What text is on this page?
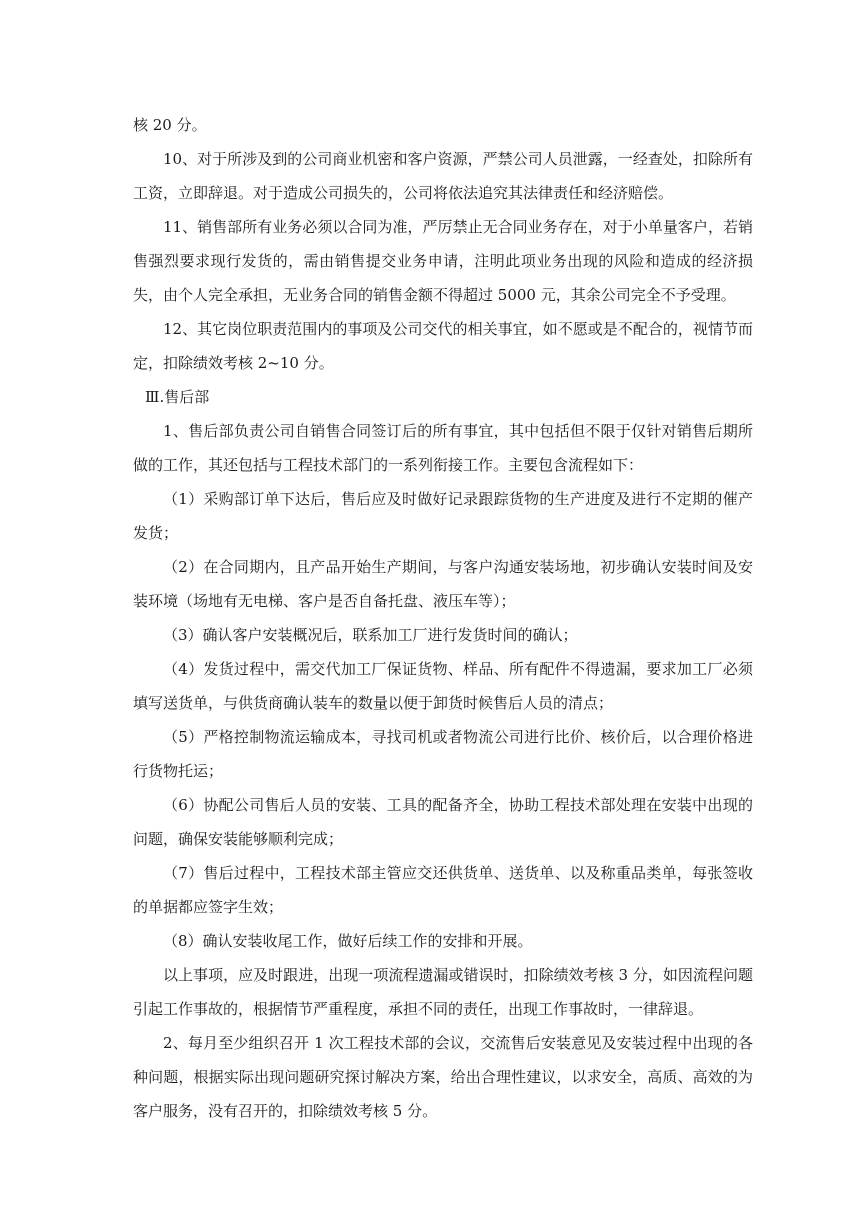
核 20 分。

10、对于所涉及到的公司商业机密和客户资源，严禁公司人员泄露，一经查处，扣除所有工资，立即辞退。对于造成公司损失的，公司将依法追究其法律责任和经济赔偿。

11、销售部所有业务必须以合同为准，严厉禁止无合同业务存在，对于小单量客户，若销售强烈要求现行发货的，需由销售提交业务申请，注明此项业务出现的风险和造成的经济损失，由个人完全承担，无业务合同的销售金额不得超过 5000 元，其余公司完全不予受理。

12、其它岗位职责范围内的事项及公司交代的相关事宜，如不愿或是不配合的，视情节而定，扣除绩效考核 2~10 分。

Ⅲ.售后部

1、售后部负责公司自销售合同签订后的所有事宜，其中包括但不限于仅针对销售后期所做的工作，其还包括与工程技术部门的一系列衔接工作。主要包含流程如下：

（1）采购部订单下达后，售后应及时做好记录跟踪货物的生产进度及进行不定期的催产发货；

（2）在合同期内，且产品开始生产期间，与客户沟通安装场地，初步确认安装时间及安装环境（场地有无电梯、客户是否自备托盘、液压车等）；

（3）确认客户安装概况后，联系加工厂进行发货时间的确认；

（4）发货过程中，需交代加工厂保证货物、样品、所有配件不得遗漏，要求加工厂必须填写送货单，与供货商确认装车的数量以便于卸货时候售后人员的清点；

（5）严格控制物流运输成本，寻找司机或者物流公司进行比价、核价后，以合理价格进行货物托运；

（6）协配公司售后人员的安装、工具的配备齐全，协助工程技术部处理在安装中出现的问题，确保安装能够顺利完成；

（7）售后过程中，工程技术部主管应交还供货单、送货单、以及称重品类单，每张签收的单据都应签字生效；

（8）确认安装收尾工作，做好后续工作的安排和开展。

以上事项，应及时跟进，出现一项流程遗漏或错误时，扣除绩效考核 3 分，如因流程问题引起工作事故的，根据情节严重程度，承担不同的责任，出现工作事故时，一律辞退。

2、每月至少组织召开 1 次工程技术部的会议，交流售后安装意见及安装过程中出现的各种问题，根据实际出现问题研究探讨解决方案，给出合理性建议，以求安全，高质、高效的为客户服务，没有召开的，扣除绩效考核 5 分。
